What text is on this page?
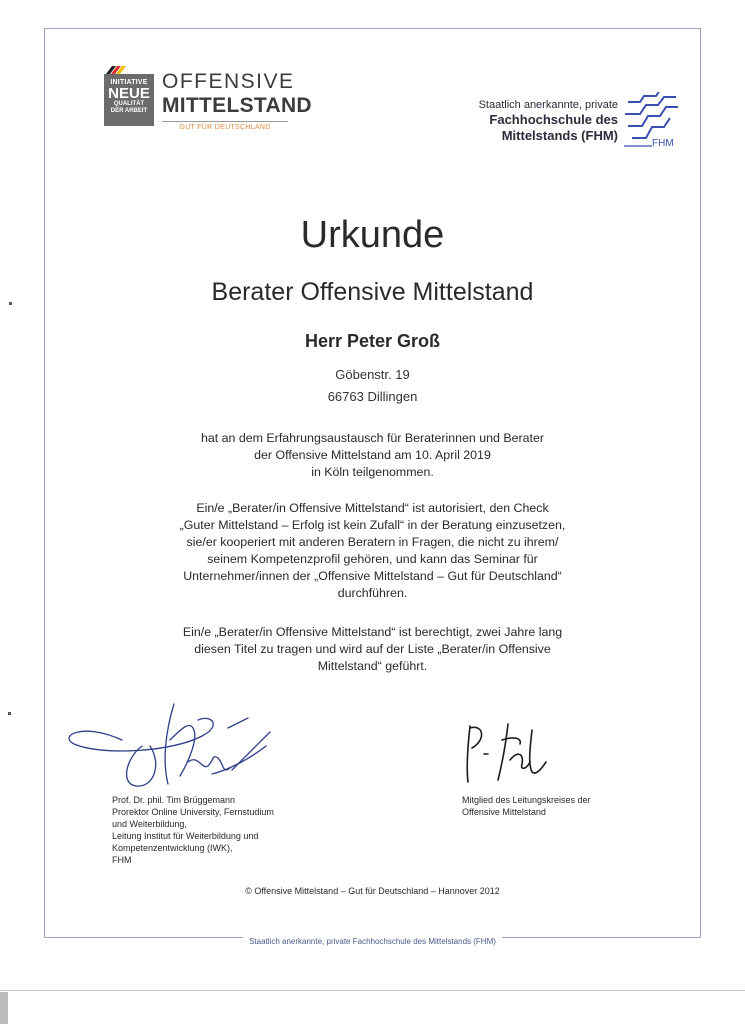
INITIATIVE
NEUE
QUALITÄT
DER ARBEIT
OFFENSIVE
MITTELSTAND
GUT FÜR DEUTSCHLAND
Staatlich anerkannte, private
Fachhochschule des
Mittelstands (FHM)
FHM
Urkunde
Berater Offensive Mittelstand
Herr Peter Groß
Göbenstr. 19
66763 Dillingen
hat an dem Erfahrungsaustausch für Beraterinnen und Berater
der Offensive Mittelstand am 10. April 2019
in Köln teilgenommen.
Ein/e „Berater/in Offensive Mittelstand“ ist autorisiert, den Check
„Guter Mittelstand – Erfolg ist kein Zufall“ in der Beratung einzusetzen,
sie/er kooperiert mit anderen Beratern in Fragen, die nicht zu ihrem/
seinem Kompetenzprofil gehören, und kann das Seminar für
Unternehmer/innen der „Offensive Mittelstand – Gut für Deutschland“
durchführen.
Ein/e „Berater/in Offensive Mittelstand“ ist berechtigt, zwei Jahre lang
diesen Titel zu tragen und wird auf der Liste „Berater/in Offensive
Mittelstand“ geführt.
Prof. Dr. phil. Tim Brüggemann
Prorektor Online University, Fernstudium
und Weiterbildung,
Leitung Institut für Weiterbildung und
Kompetenzentwicklung (IWK),
FHM
Mitglied des Leitungskreises der
Offensive Mittelstand
© Offensive Mittelstand – Gut für Deutschland – Hannover 2012
Staatlich anerkannte, private Fachhochschule des Mittelstands (FHM)
